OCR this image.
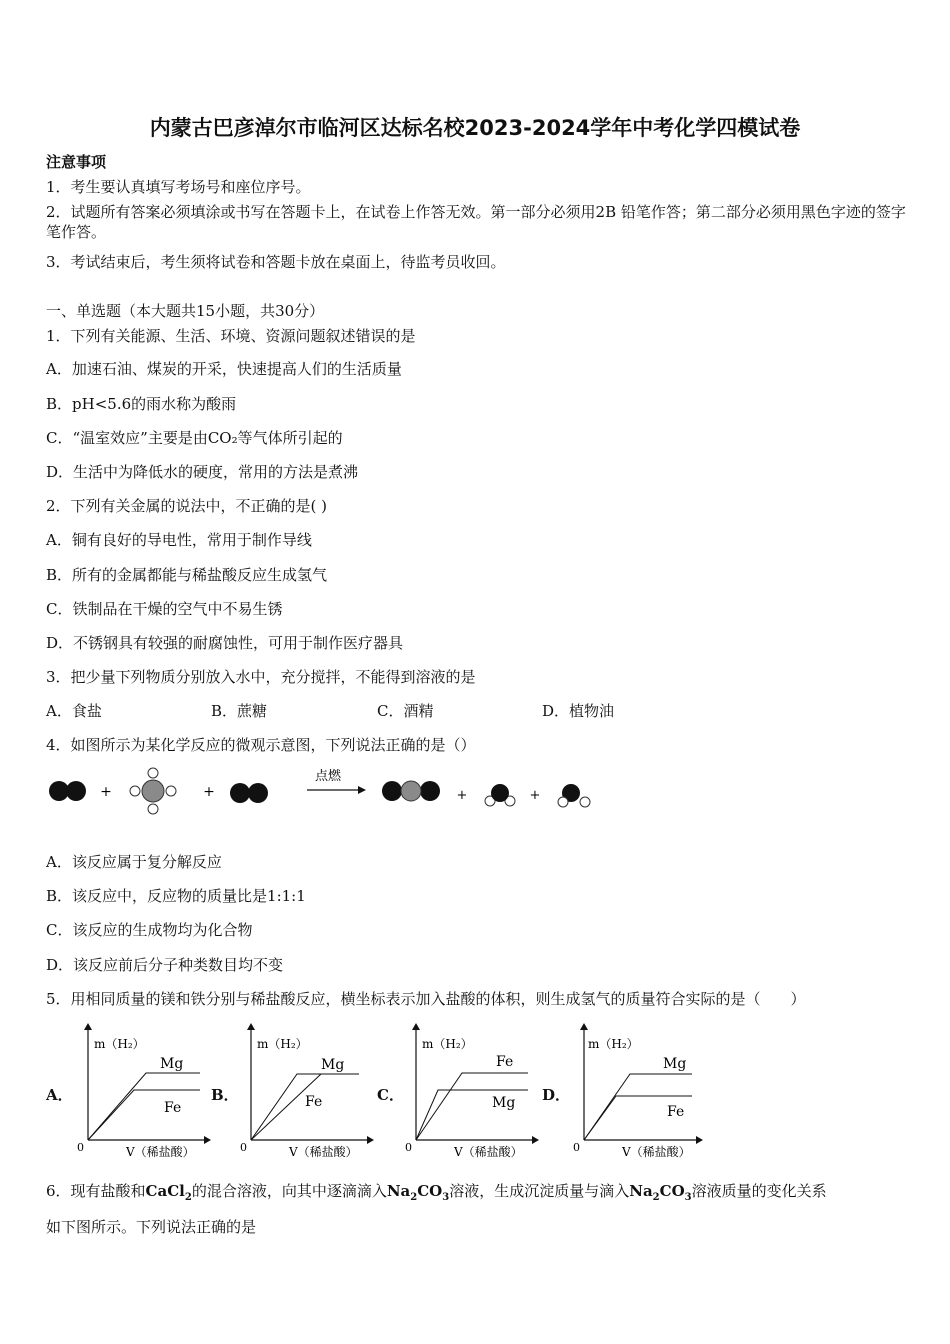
内蒙古巴彦淖尔市临河区达标名校2023-2024学年中考化学四模试卷
注意事项
1．考生要认真填写考场号和座位序号。
2．试题所有答案必须填涂或书写在答题卡上，在试卷上作答无效。第一部分必须用2B 铅笔作答；第二部分必须用黑色字迹的签字笔作答。
3．考试结束后，考生须将试卷和答题卡放在桌面上，待监考员收回。
一、单选题（本大题共15小题，共30分）
1．下列有关能源、生活、环境、资源问题叙述错误的是
A．加速石油、煤炭的开采，快速提高人们的生活质量
B．pH<5.6的雨水称为酸雨
C．“温室效应”主要是由CO₂等气体所引起的
D．生活中为降低水的硬度，常用的方法是煮沸
2．下列有关金属的说法中，不正确的是( )
A．铜有良好的导电性，常用于制作导线
B．所有的金属都能与稀盐酸反应生成氢气
C．铁制品在干燥的空气中不易生锈
D．不锈钢具有较强的耐腐蚀性，可用于制作医疗器具
3．把少量下列物质分别放入水中，充分搅拌，不能得到溶液的是
A．食盐	B．蔗糖	C．酒精	D．植物油
4．如图所示为某化学反应的微观示意图，下列说法正确的是（）
+	+
点燃
+	+
A．该反应属于复分解反应
B．该反应中，反应物的质量比是1:1:1
C．该反应的生成物均为化合物
D．该反应前后分子种类数目均不变
5．用相同质量的镁和铁分别与稀盐酸反应，横坐标表示加入盐酸的体积，则生成氢气的质量符合实际的是（　　）
A．	B．	C．	D．
m（H₂）
V（稀盐酸）
0
Mg
Fe
m（H₂）
V（稀盐酸）
0
Mg
Fe
m（H₂）
V（稀盐酸）
0
Fe
Mg
m（H₂）
V（稀盐酸）
0
Mg
Fe
6．现有盐酸和CaCl$_2$的混合溶液，向其中逐滴滴入$Na_2CO_3$溶液，生成沉淀质量与滴入$Na_2CO_3$溶液质量的变化关系
如下图所示。下列说法正确的是
